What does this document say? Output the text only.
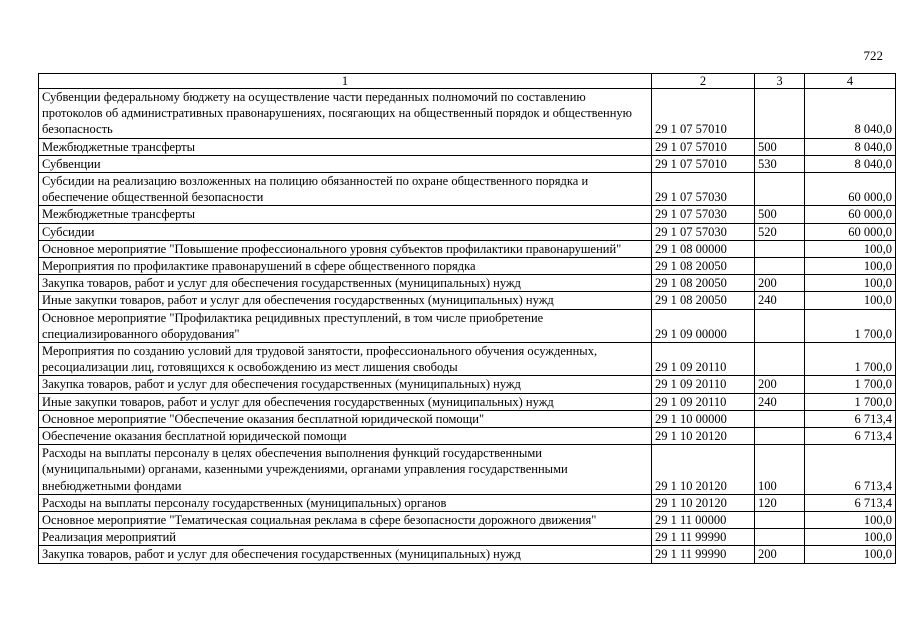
722
1	2	3	4
Субвенции федеральному бюджету на осуществление части переданных полномочий по составлению протоколов об административных правонарушениях, посягающих на общественный порядок и общественную безопасность	29 1 07 57010		8 040,0
Межбюджетные трансферты	29 1 07 57010	500	8 040,0
Субвенции	29 1 07 57010	530	8 040,0
Субсидии на реализацию возложенных на полицию обязанностей по охране общественного порядка и обеспечение общественной безопасности	29 1 07 57030		60 000,0
Межбюджетные трансферты	29 1 07 57030	500	60 000,0
Субсидии	29 1 07 57030	520	60 000,0
Основное мероприятие "Повышение профессионального уровня субъектов профилактики правонарушений"	29 1 08 00000		100,0
Мероприятия по профилактике правонарушений в сфере общественного порядка	29 1 08 20050		100,0
Закупка товаров, работ и услуг для обеспечения государственных (муниципальных) нужд	29 1 08 20050	200	100,0
Иные закупки товаров, работ и услуг для обеспечения государственных (муниципальных) нужд	29 1 08 20050	240	100,0
Основное мероприятие "Профилактика рецидивных преступлений, в том числе приобретение специализированного оборудования"	29 1 09 00000		1 700,0
Мероприятия по созданию условий для трудовой занятости, профессионального обучения осужденных, ресоциализации лиц, готовящихся к освобождению из мест лишения свободы	29 1 09 20110		1 700,0
Закупка товаров, работ и услуг для обеспечения государственных (муниципальных) нужд	29 1 09 20110	200	1 700,0
Иные закупки товаров, работ и услуг для обеспечения государственных (муниципальных) нужд	29 1 09 20110	240	1 700,0
Основное мероприятие "Обеспечение оказания бесплатной юридической помощи"	29 1 10 00000		6 713,4
Обеспечение оказания бесплатной юридической помощи	29 1 10 20120		6 713,4
Расходы на выплаты персоналу в целях обеспечения выполнения функций государственными (муниципальными) органами, казенными учреждениями, органами управления государственными внебюджетными фондами	29 1 10 20120	100	6 713,4
Расходы на выплаты персоналу государственных (муниципальных) органов	29 1 10 20120	120	6 713,4
Основное мероприятие "Тематическая социальная реклама в сфере безопасности дорожного движения"	29 1 11 00000		100,0
Реализация мероприятий	29 1 11 99990		100,0
Закупка товаров, работ и услуг для обеспечения государственных (муниципальных) нужд	29 1 11 99990	200	100,0
